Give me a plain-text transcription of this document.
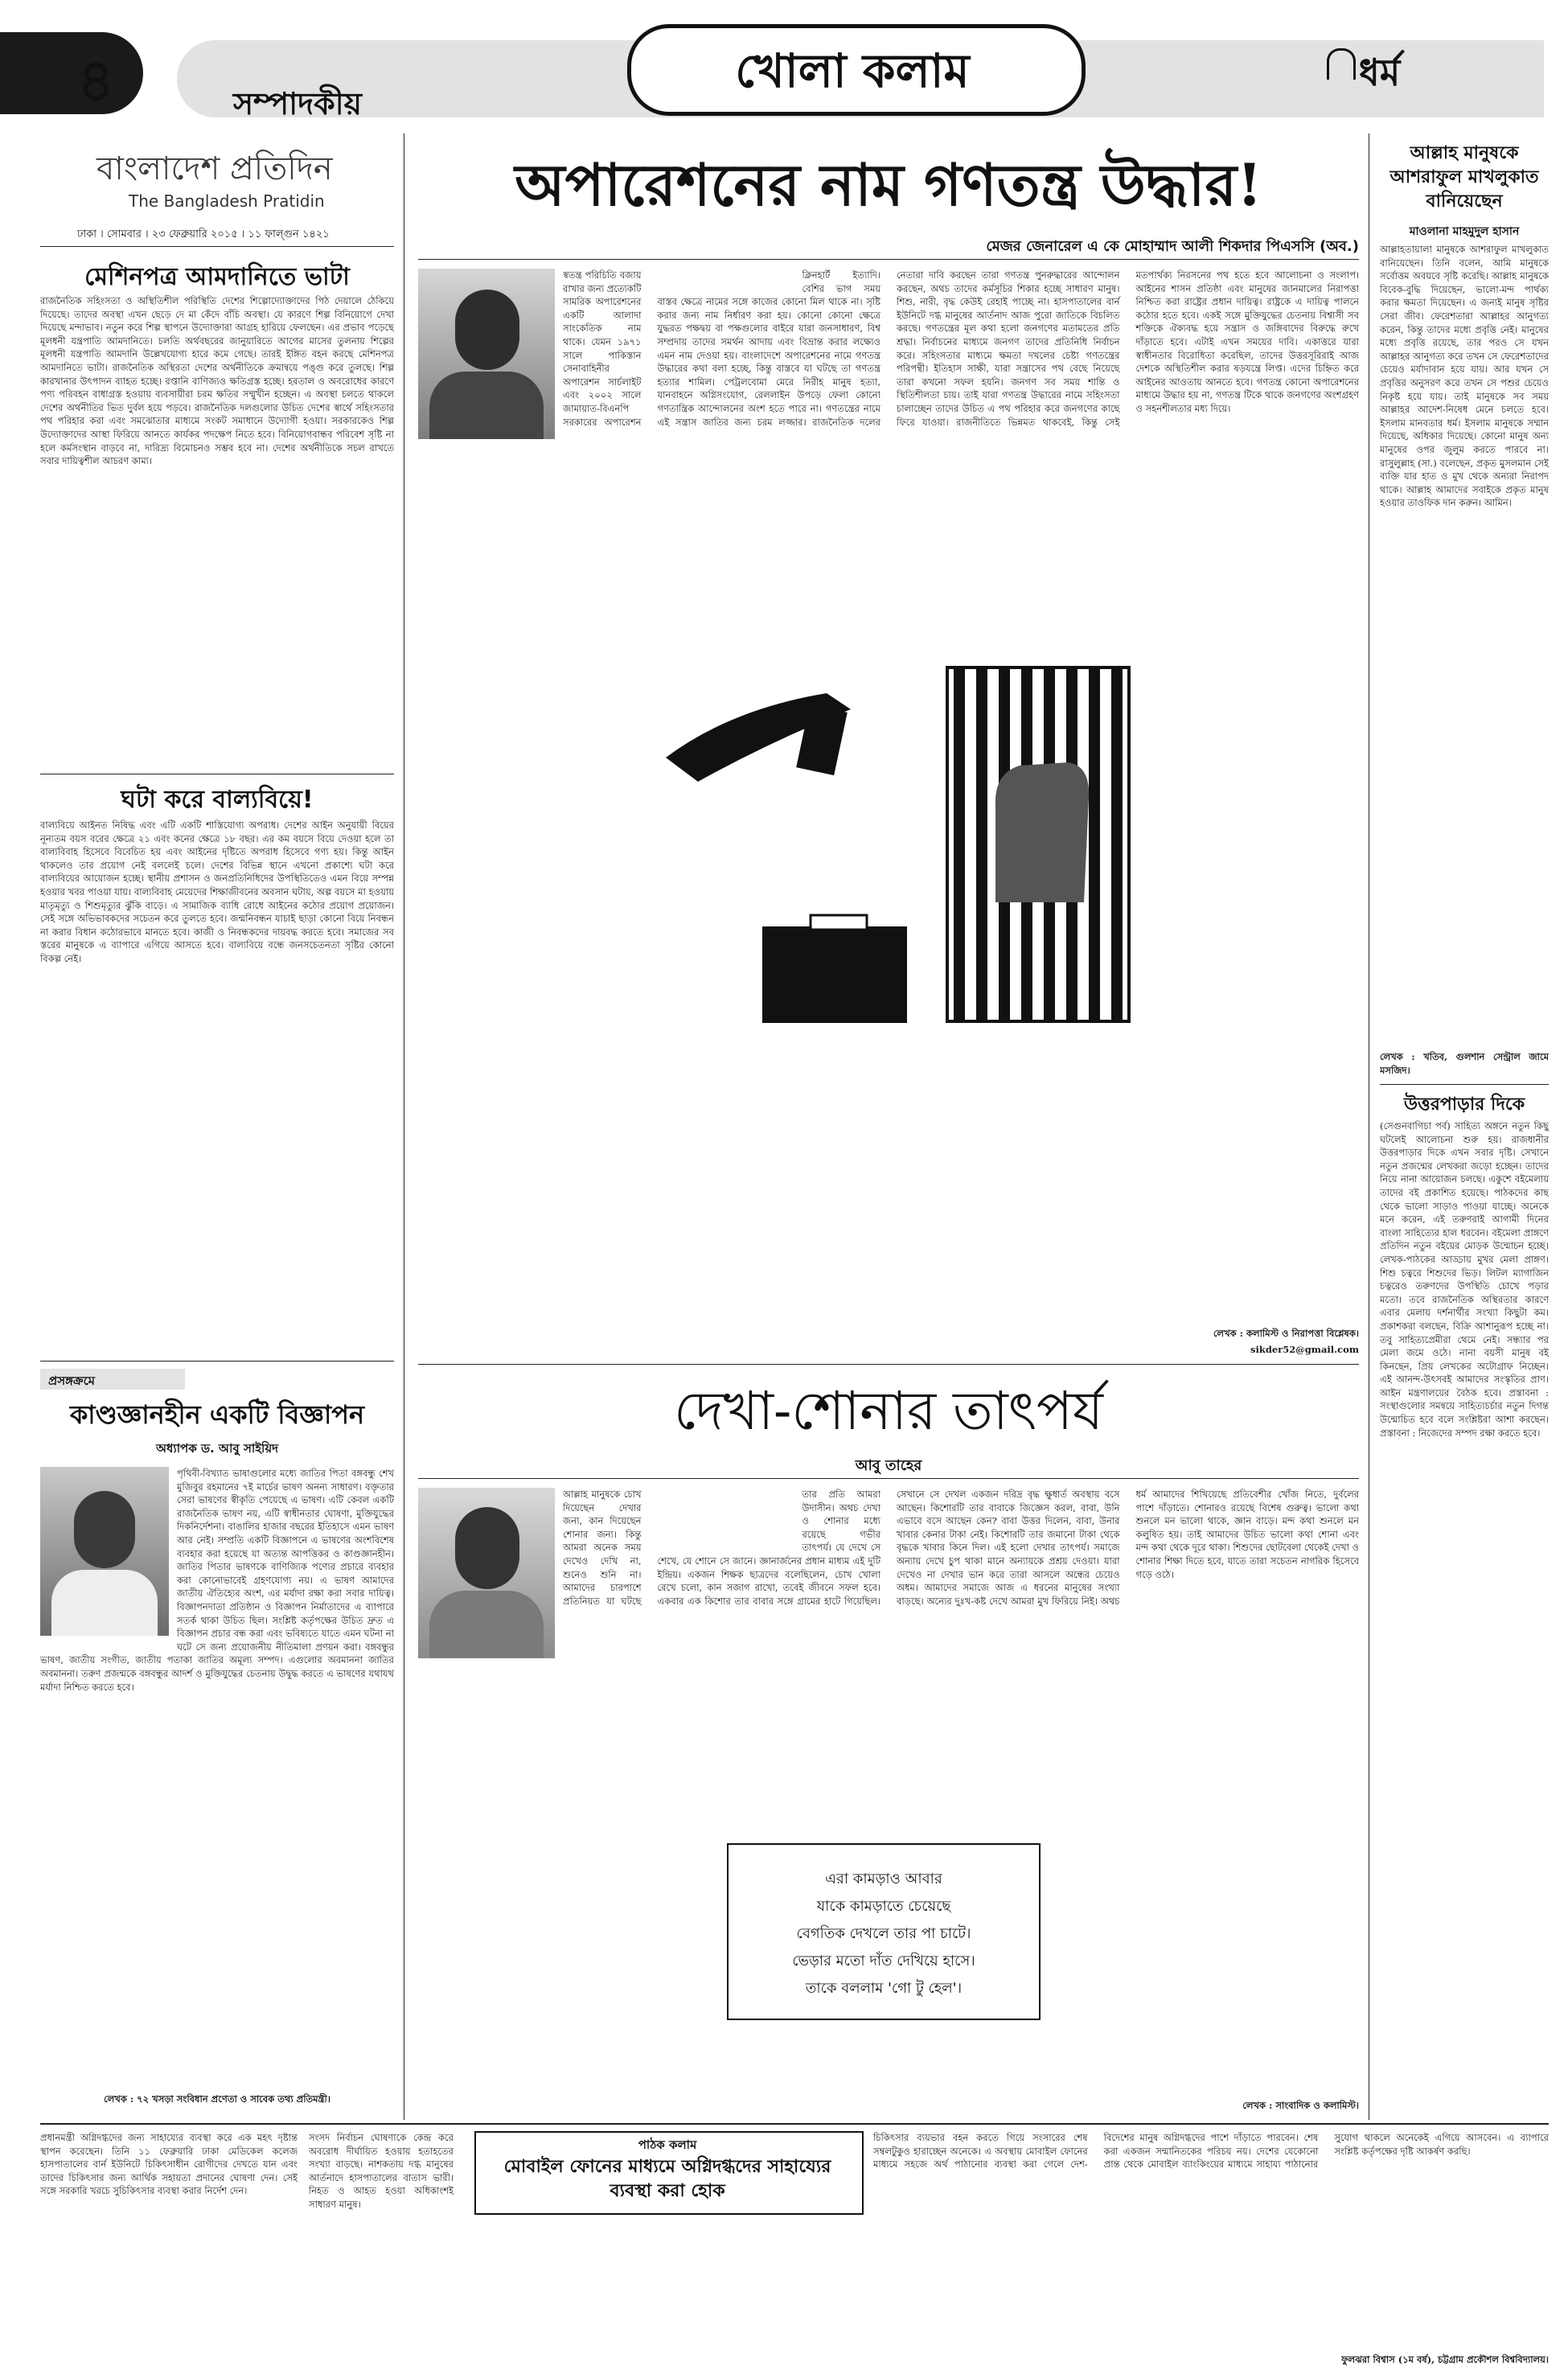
৪	সম্পাদকীয়
খোলা কলাম	ধর্ম
বাংলাদেশ প্রতিদিন
The Bangladesh Pratidin
ঢাকা । সোমবার । ২৩ ফেব্রুয়ারি ২০১৫ । ১১ ফাল্গুন ১৪২১
মেশিনপত্র আমদানিতে ভাটা
রাজনৈতিক সহিংসতা ও অস্থিতিশীল পরিস্থিতি দেশের শিল্পোদ্যোক্তাদের পিঠ দেয়ালে ঠেকিয়ে দিয়েছে। তাদের অবস্থা এখন ছেড়ে দে মা কেঁদে বাঁচি অবস্থা। যে কারণে শিল্প বিনিয়োগে দেখা দিয়েছে মন্দাভাব। নতুন করে শিল্প স্থাপনে উদ্যোক্তারা আগ্রহ হারিয়ে ফেলছেন। এর প্রভাব পড়েছে মূলধনী যন্ত্রপাতি আমদানিতে। চলতি অর্থবছরের জানুয়ারিতে আগের মাসের তুলনায় শিল্পের মূলধনী যন্ত্রপাতি আমদানি উল্লেখযোগ্য হারে কমে গেছে। তারই ইঙ্গিত বহন করছে মেশিনপত্র আমদানিতে ভাটা। রাজনৈতিক অস্থিরতা দেশের অর্থনীতিকে ক্রমান্বয়ে পঙ্গু করে তুলছে। শিল্প কারখানার উৎপাদন ব্যাহত হচ্ছে। রপ্তানি বাণিজ্যও ক্ষতিগ্রস্ত হচ্ছে। হরতাল ও অবরোধের কারণে পণ্য পরিবহন বাধাগ্রস্ত হওয়ায় ব্যবসায়ীরা চরম ক্ষতির সম্মুখীন হচ্ছেন। এ অবস্থা চলতে থাকলে দেশের অর্থনীতির ভিত দুর্বল হয়ে পড়বে। রাজনৈতিক দলগুলোর উচিত দেশের স্বার্থে সহিংসতার পথ পরিহার করা এবং সমঝোতার মাধ্যমে সংকট সমাধানে উদ্যোগী হওয়া। সরকারকেও শিল্প উদ্যোক্তাদের আস্থা ফিরিয়ে আনতে কার্যকর পদক্ষেপ নিতে হবে। বিনিয়োগবান্ধব পরিবেশ সৃষ্টি না হলে কর্মসংস্থান বাড়বে না, দারিদ্র্য বিমোচনও সম্ভব হবে না। দেশের অর্থনীতিকে সচল রাখতে সবার দায়িত্বশীল আচরণ কাম্য।
ঘটা করে বাল্যবিয়ে!
বাল্যবিয়ে আইনত নিষিদ্ধ এবং এটি একটি শাস্তিযোগ্য অপরাধ। দেশের আইন অনুযায়ী বিয়ের নূন্যতম বয়স বরের ক্ষেত্রে ২১ এবং কনের ক্ষেত্রে ১৮ বছর। এর কম বয়সে বিয়ে দেওয়া হলে তা বাল্যবিবাহ হিসেবে বিবেচিত হয় এবং আইনের দৃষ্টিতে অপরাধ হিসেবে গণ্য হয়। কিন্তু আইন থাকলেও তার প্রয়োগ নেই বললেই চলে। দেশের বিভিন্ন স্থানে এখনো প্রকাশ্যে ঘটা করে বাল্যবিয়ের আয়োজন হচ্ছে। স্থানীয় প্রশাসন ও জনপ্রতিনিধিদের উপস্থিতিতেও এমন বিয়ে সম্পন্ন হওয়ার খবর পাওয়া যায়। বাল্যবিবাহ মেয়েদের শিক্ষাজীবনের অবসান ঘটায়, অল্প বয়সে মা হওয়ায় মাতৃমৃত্যু ও শিশুমৃত্যুর ঝুঁকি বাড়ে। এ সামাজিক ব্যাধি রোধে আইনের কঠোর প্রয়োগ প্রয়োজন। সেই সঙ্গে অভিভাবকদের সচেতন করে তুলতে হবে। জন্মনিবন্ধন যাচাই ছাড়া কোনো বিয়ে নিবন্ধন না করার বিধান কঠোরভাবে মানতে হবে। কাজী ও নিবন্ধকদের দায়বদ্ধ করতে হবে। সমাজের সব স্তরের মানুষকে এ ব্যাপারে এগিয়ে আসতে হবে। বাল্যবিয়ে বন্ধে জনসচেতনতা সৃষ্টির কোনো বিকল্প নেই।
প্রসঙ্গক্রমে
কাণ্ডজ্ঞানহীন একটি বিজ্ঞাপন
অধ্যাপক ড. আবু সাইয়িদ
পৃথিবী-বিখ্যাত ভাষাগুলোর মধ্যে জাতির পিতা বঙ্গবন্ধু শেখ মুজিবুর রহমানের ৭ই মার্চের ভাষণ অনন্য সাধারণ। বক্তৃতার সেরা ভাষণের স্বীকৃতি পেয়েছে এ ভাষণ। এটি কেবল একটি রাজনৈতিক ভাষণ নয়, এটি স্বাধীনতার ঘোষণা, মুক্তিযুদ্ধের দিকনির্দেশনা। বাঙালির হাজার বছরের ইতিহাসে এমন ভাষণ আর নেই। সম্প্রতি একটি বিজ্ঞাপনে এ ভাষণের অংশবিশেষ ব্যবহার করা হয়েছে যা অত্যন্ত আপত্তিকর ও কাণ্ডজ্ঞানহীন। জাতির পিতার ভাষণকে বাণিজ্যিক পণ্যের প্রচারে ব্যবহার করা কোনোভাবেই গ্রহণযোগ্য নয়। এ ভাষণ আমাদের জাতীয় ঐতিহ্যের অংশ, এর মর্যাদা রক্ষা করা সবার দায়িত্ব। বিজ্ঞাপনদাতা প্রতিষ্ঠান ও বিজ্ঞাপন নির্মাতাদের এ ব্যাপারে সতর্ক থাকা উচিত ছিল। সংশ্লিষ্ট কর্তৃপক্ষের উচিত দ্রুত এ বিজ্ঞাপন প্রচার বন্ধ করা এবং ভবিষ্যতে যাতে এমন ঘটনা না ঘটে সে জন্য প্রয়োজনীয় নীতিমালা প্রণয়ন করা। বঙ্গবন্ধুর ভাষণ, জাতীয় সংগীত, জাতীয় পতাকা জাতির অমূল্য সম্পদ। এগুলোর অবমাননা জাতির অবমাননা। তরুণ প্রজন্মকে বঙ্গবন্ধুর আদর্শ ও মুক্তিযুদ্ধের চেতনায় উদ্বুদ্ধ করতে এ ভাষণের যথাযথ মর্যাদা নিশ্চিত করতে হবে।
লেখক : ৭২ খসড়া সংবিধান প্রণেতা ও সাবেক তথ্য প্রতিমন্ত্রী।
অপারেশনের নাম গণতন্ত্র উদ্ধার!
মেজর জেনারেল এ কে মোহাম্মাদ আলী শিকদার পিএসসি (অব.)
স্বতন্ত্র পরিচিতি বজায় রাখার জন্য প্রত্যেকটি সামরিক অপারেশনের একটি আলাদা সাংকেতিক নাম থাকে। যেমন ১৯৭১ সালে পাকিস্তান সেনাবাহিনীর অপারেশন সার্চলাইট এবং ২০০২ সালে জামায়াত-বিএনপি সরকারের অপারেশন ক্লিনহার্ট ইত্যাদি। বেশির ভাগ সময় বাস্তব ক্ষেত্রে নামের সঙ্গে কাজের কোনো মিল থাকে না। সৃষ্টি করার জন্য নাম নির্ধারণ করা হয়। কোনো কোনো ক্ষেত্রে যুদ্ধরত পক্ষদ্বয় বা পক্ষগুলোর বাইরে যারা জনসাধারণ, বিশ্ব সম্প্রদায় তাদের সমর্থন আদায় এবং বিভ্রান্ত করার লক্ষ্যেও এমন নাম দেওয়া হয়। বাংলাদেশে অপারেশনের নামে গণতন্ত্র উদ্ধারের কথা বলা হচ্ছে, কিন্তু বাস্তবে যা ঘটছে তা গণতন্ত্র হত্যার শামিল। পেট্রলবোমা মেরে নিরীহ মানুষ হত্যা, যানবাহনে অগ্নিসংযোগ, রেললাইন উপড়ে ফেলা কোনো গণতান্ত্রিক আন্দোলনের অংশ হতে পারে না। গণতন্ত্রের নামে এই সন্ত্রাস জাতির জন্য চরম লজ্জার। রাজনৈতিক দলের নেতারা দাবি করছেন তারা গণতন্ত্র পুনরুদ্ধারের আন্দোলন করছেন, অথচ তাদের কর্মসূচির শিকার হচ্ছে সাধারণ মানুষ। শিশু, নারী, বৃদ্ধ কেউই রেহাই পাচ্ছে না। হাসপাতালের বার্ন ইউনিটে দগ্ধ মানুষের আর্তনাদ আজ পুরো জাতিকে বিচলিত করছে। গণতন্ত্রের মূল কথা হলো জনগণের মতামতের প্রতি শ্রদ্ধা। নির্বাচনের মাধ্যমে জনগণ তাদের প্রতিনিধি নির্বাচন করে। সহিংসতার মাধ্যমে ক্ষমতা দখলের চেষ্টা গণতন্ত্রের পরিপন্থী। ইতিহাস সাক্ষী, যারা সন্ত্রাসের পথ বেছে নিয়েছে তারা কখনো সফল হয়নি। জনগণ সব সময় শান্তি ও স্থিতিশীলতা চায়। তাই যারা গণতন্ত্র উদ্ধারের নামে সহিংসতা চালাচ্ছেন তাদের উচিত এ পথ পরিহার করে জনগণের কাছে ফিরে যাওয়া। রাজনীতিতে ভিন্নমত থাকবেই, কিন্তু সেই মতপার্থক্য নিরসনের পথ হতে হবে আলোচনা ও সংলাপ। আইনের শাসন প্রতিষ্ঠা এবং মানুষের জানমালের নিরাপত্তা নিশ্চিত করা রাষ্ট্রের প্রধান দায়িত্ব। রাষ্ট্রকে এ দায়িত্ব পালনে কঠোর হতে হবে। একই সঙ্গে মুক্তিযুদ্ধের চেতনায় বিশ্বাসী সব শক্তিকে ঐক্যবদ্ধ হয়ে সন্ত্রাস ও জঙ্গিবাদের বিরুদ্ধে রুখে দাঁড়াতে হবে। এটাই এখন সময়ের দাবি। একাত্তরে যারা স্বাধীনতার বিরোধিতা করেছিল, তাদের উত্তরসূরিরাই আজ দেশকে অস্থিতিশীল করার ষড়যন্ত্রে লিপ্ত। এদের চিহ্নিত করে আইনের আওতায় আনতে হবে। গণতন্ত্র কোনো অপারেশনের মাধ্যমে উদ্ধার হয় না, গণতন্ত্র টিকে থাকে জনগণের অংশগ্রহণ ও সহনশীলতার মধ্য দিয়ে।
লেখক : কলামিস্ট ও নিরাপত্তা বিশ্লেষক।
sikder52@gmail.com
দেখা-শোনার তাৎপর্য
আবু তাহের
এরা কামড়াও আবার
যাকে কামড়াতে চেয়েছে
বেগতিক দেখলে তার পা চাটে।
ভেড়ার মতো দাঁত দেখিয়ে হাসে।
তাকে বললাম 'গো টু হেল'।
আল্লাহ মানুষকে চোখ দিয়েছেন দেখার জন্য, কান দিয়েছেন শোনার জন্য। কিন্তু আমরা অনেক সময় দেখেও দেখি না, শুনেও শুনি না। আমাদের চারপাশে প্রতিনিয়ত যা ঘটছে তার প্রতি আমরা উদাসীন। অথচ দেখা ও শোনার মধ্যে রয়েছে গভীর তাৎপর্য। যে দেখে সে শেখে, যে শোনে সে জানে। জ্ঞানার্জনের প্রধান মাধ্যম এই দুটি ইন্দ্রিয়। একজন শিক্ষক ছাত্রদের বলেছিলেন, চোখ খোলা রেখে চলো, কান সজাগ রাখো, তবেই জীবনে সফল হবে। একবার এক কিশোর তার বাবার সঙ্গে গ্রামের হাটে গিয়েছিল। সেখানে সে দেখল একজন দরিদ্র বৃদ্ধ ক্ষুধার্ত অবস্থায় বসে আছেন। কিশোরটি তার বাবাকে জিজ্ঞেস করল, বাবা, উনি এভাবে বসে আছেন কেন? বাবা উত্তর দিলেন, বাবা, উনার খাবার কেনার টাকা নেই। কিশোরটি তার জমানো টাকা থেকে বৃদ্ধকে খাবার কিনে দিল। এই হলো দেখার তাৎপর্য। সমাজে অন্যায় দেখে চুপ থাকা মানে অন্যায়কে প্রশ্রয় দেওয়া। যারা দেখেও না দেখার ভান করে তারা আসলে অন্ধের চেয়েও অধম। আমাদের সমাজে আজ এ ধরনের মানুষের সংখ্যা বাড়ছে। অন্যের দুঃখ-কষ্ট দেখে আমরা মুখ ফিরিয়ে নিই। অথচ ধর্ম আমাদের শিখিয়েছে প্রতিবেশীর খোঁজ নিতে, দুর্বলের পাশে দাঁড়াতে। শোনারও রয়েছে বিশেষ গুরুত্ব। ভালো কথা শুনলে মন ভালো থাকে, জ্ঞান বাড়ে। মন্দ কথা শুনলে মন কলুষিত হয়। তাই আমাদের উচিত ভালো কথা শোনা এবং মন্দ কথা থেকে দূরে থাকা। শিশুদের ছোটবেলা থেকেই দেখা ও শোনার শিক্ষা দিতে হবে, যাতে তারা সচেতন নাগরিক হিসেবে গড়ে ওঠে।
লেখক : সাংবাদিক ও কলামিস্ট।
আল্লাহ মানুষকে আশরাফুল মাখলুকাত বানিয়েছেন
মাওলানা মাহমুদুল হাসান
আল্লাহতায়ালা মানুষকে আশরাফুল মাখলুকাত বানিয়েছেন। তিনি বলেন, আমি মানুষকে সর্বোত্তম অবয়বে সৃষ্টি করেছি। আল্লাহ মানুষকে বিবেক-বুদ্ধি দিয়েছেন, ভালো-মন্দ পার্থক্য করার ক্ষমতা দিয়েছেন। এ জন্যই মানুষ সৃষ্টির সেরা জীব। ফেরেশতারা আল্লাহর আনুগত্য করেন, কিন্তু তাদের মধ্যে প্রবৃত্তি নেই। মানুষের মধ্যে প্রবৃত্তি রয়েছে, তার পরও সে যখন আল্লাহর আনুগত্য করে তখন সে ফেরেশতাদের চেয়েও মর্যাদাবান হয়ে যায়। আর যখন সে প্রবৃত্তির অনুসরণ করে তখন সে পশুর চেয়েও নিকৃষ্ট হয়ে যায়। তাই মানুষকে সব সময় আল্লাহর আদেশ-নিষেধ মেনে চলতে হবে। ইসলাম মানবতার ধর্ম। ইসলাম মানুষকে সম্মান দিয়েছে, অধিকার দিয়েছে। কোনো মানুষ অন্য মানুষের ওপর জুলুম করতে পারবে না। রাসুলুল্লাহ (সা.) বলেছেন, প্রকৃত মুসলমান সেই ব্যক্তি যার হাত ও মুখ থেকে অন্যরা নিরাপদ থাকে। আল্লাহ আমাদের সবাইকে প্রকৃত মানুষ হওয়ার তাওফিক দান করুন। আমিন।
লেখক : খতিব, গুলশান সেন্ট্রাল জামে মসজিদ।
উত্তরপাড়ার দিকে
(সেগুনবাগিচা পর্ব) সাহিত্য অঙ্গনে নতুন কিছু ঘটলেই আলোচনা শুরু হয়। রাজধানীর উত্তরপাড়ার দিকে এখন সবার দৃষ্টি। সেখানে নতুন প্রজন্মের লেখকরা জড়ো হচ্ছেন। তাদের নিয়ে নানা আয়োজন চলছে। একুশে বইমেলায় তাদের বই প্রকাশিত হয়েছে। পাঠকদের কাছ থেকে ভালো সাড়াও পাওয়া যাচ্ছে। অনেকে মনে করেন, এই তরুণরাই আগামী দিনের বাংলা সাহিত্যের হাল ধরবেন। বইমেলা প্রাঙ্গণে প্রতিদিন নতুন বইয়ের মোড়ক উন্মোচন হচ্ছে। লেখক-পাঠকের আড্ডায় মুখর মেলা প্রাঙ্গণ। শিশু চত্বরে শিশুদের ভিড়। লিটল ম্যাগাজিন চত্বরেও তরুণদের উপস্থিতি চোখে পড়ার মতো। তবে রাজনৈতিক অস্থিরতার কারণে এবার মেলায় দর্শনার্থীর সংখ্যা কিছুটা কম। প্রকাশকরা বলছেন, বিক্রি আশানুরূপ হচ্ছে না। তবু সাহিত্যপ্রেমীরা থেমে নেই। সন্ধ্যার পর মেলা জমে ওঠে। নানা বয়সী মানুষ বই কিনছেন, প্রিয় লেখকের অটোগ্রাফ নিচ্ছেন। এই আনন্দ-উৎসবই আমাদের সংস্কৃতির প্রাণ। আইন মন্ত্রণালয়ের বৈঠক হবে। প্রস্তাবনা : সংস্থাগুলোর সমন্বয়ে সাহিত্যচর্চার নতুন দিগন্ত উন্মোচিত হবে বলে সংশ্লিষ্টরা আশা করছেন। প্রস্তাবনা : নিজেদের সম্পদ রক্ষা করতে হবে।
প্রধানমন্ত্রী অগ্নিদগ্ধদের জন্য সাহায্যের ব্যবস্থা করে এক মহৎ দৃষ্টান্ত স্থাপন করেছেন। তিনি ১১ ফেব্রুয়ারি ঢাকা মেডিকেল কলেজ হাসপাতালের বার্ন ইউনিটে চিকিৎসাধীন রোগীদের দেখতে যান এবং তাদের চিকিৎসার জন্য আর্থিক সহায়তা প্রদানের ঘোষণা দেন। সেই সঙ্গে সরকারি খরচে সুচিকিৎসার ব্যবস্থা করার নির্দেশ দেন।
সংসদ নির্বাচন ঘোষণাকে কেন্দ্র করে অবরোধ দীর্ঘায়িত হওয়ায় হতাহতের সংখ্যা বাড়ছে। নাশকতায় দগ্ধ মানুষের আর্তনাদে হাসপাতালের বাতাস ভারী। নিহত ও আহত হওয়া অধিকাংশই সাধারণ মানুষ।
পাঠক কলাম
মোবাইল ফোনের মাধ্যমে অগ্নিদগ্ধদের সাহায্যের ব্যবস্থা করা হোক
চিকিৎসার ব্যয়ভার বহন করতে গিয়ে সংসারের শেষ সম্বলটুকুও হারাচ্ছেন অনেকে। এ অবস্থায় মোবাইল ফোনের মাধ্যমে সহজে অর্থ পাঠানোর ব্যবস্থা করা গেলে দেশ-বিদেশের মানুষ অগ্নিদগ্ধদের পাশে দাঁড়াতে পারবেন। শেষ করা একজন সন্মানিতকের পরিচয় নয়। দেশের যেকোনো প্রান্ত থেকে মোবাইল ব্যাংকিংয়ের মাধ্যমে সাহায্য পাঠানোর সুযোগ থাকলে অনেকেই এগিয়ে আসবেন। এ ব্যাপারে সংশ্লিষ্ট কর্তৃপক্ষের দৃষ্টি আকর্ষণ করছি।
ফুলঝরা বিশ্বাস (১ম বর্ষ), চট্টগ্রাম প্রকৌশল বিশ্ববিদ্যালয়।
